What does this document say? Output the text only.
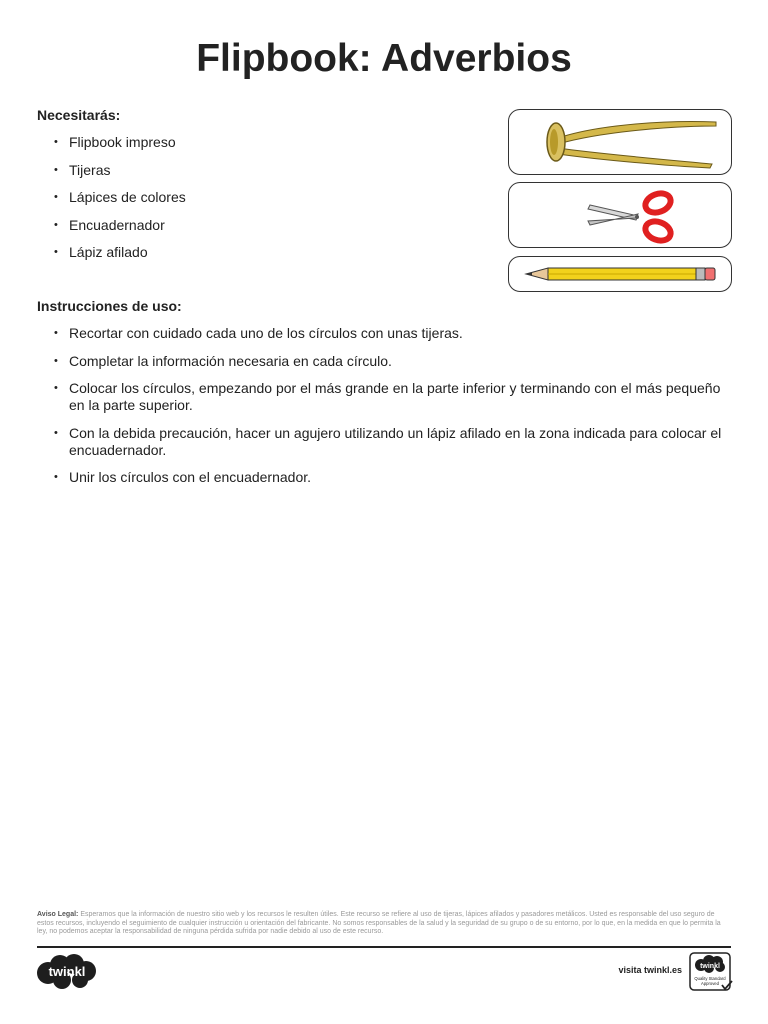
Flipbook: Adverbios
Necesitarás:
• Flipbook impreso
• Tijeras
• Lápices de colores
• Encuadernador
• Lápiz afilado
Instrucciones de uso:
• Recortar con cuidado cada uno de los círculos con unas tijeras.
• Completar la información necesaria en cada círculo.
• Colocar los círculos, empezando por el más grande en la parte inferior y terminando con el más pequeño en la parte superior.
• Con la debida precaución, hacer un agujero utilizando un lápiz afilado en la zona indicada para colocar el encuadernador.
• Unir los círculos con el encuadernador.
Aviso Legal: Esperamos que la información de nuestro sitio web y los recursos le resulten útiles. Este recurso se refiere al uso de tijeras, lápices afilados y pasadores metálicos. Usted es responsable del uso seguro de estos recursos, incluyendo el seguimiento de cualquier instrucción u orientación del fabricante. No somos responsables de la salud y la seguridad de su grupo o de su entorno, por lo que, en la medida en que lo permita la ley, no podemos aceptar la responsabilidad de ninguna pérdida sufrida por nadie debido al uso de este recurso.
twinkl	visita twinkl.es	twinkl
Quality Standard
Approved
